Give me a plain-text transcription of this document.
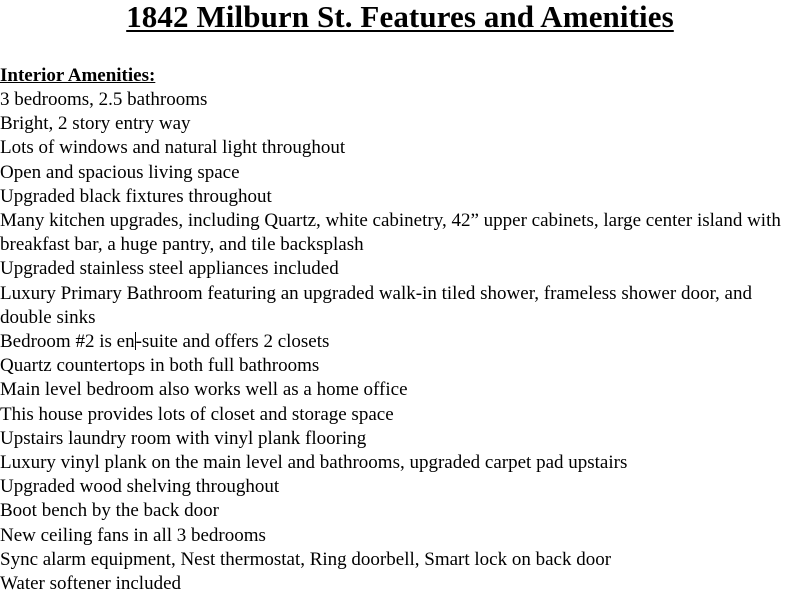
1842 Milburn St. Features and Amenities
Interior Amenities:
3 bedrooms, 2.5 bathrooms
Bright, 2 story entry way
Lots of windows and natural light throughout
Open and spacious living space
Upgraded black fixtures throughout
Many kitchen upgrades, including Quartz, white cabinetry, 42” upper cabinets, large center island with breakfast bar, a huge pantry, and tile backsplash
Upgraded stainless steel appliances included
Luxury Primary Bathroom featuring an upgraded walk-in tiled shower, frameless shower door, and double sinks
Bedroom #2 is en-suite and offers 2 closets
Quartz countertops in both full bathrooms
Main level bedroom also works well as a home office
This house provides lots of closet and storage space
Upstairs laundry room with vinyl plank flooring
Luxury vinyl plank on the main level and bathrooms, upgraded carpet pad upstairs
Upgraded wood shelving throughout
Boot bench by the back door
New ceiling fans in all 3 bedrooms
Sync alarm equipment, Nest thermostat, Ring doorbell, Smart lock on back door
Water softener included
